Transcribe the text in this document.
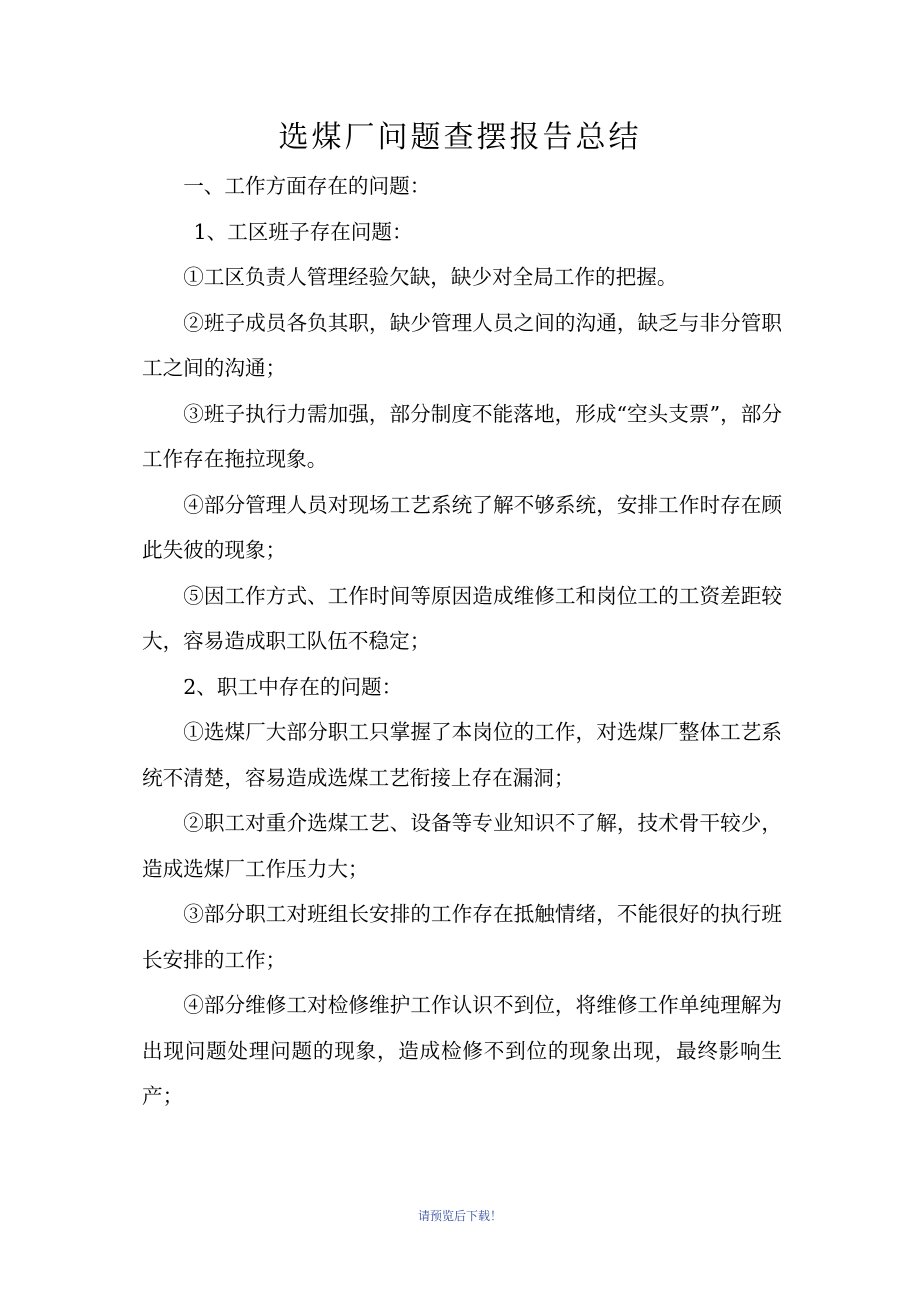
选煤厂问题查摆报告总结

一、工作方面存在的问题：

1、工区班子存在问题：

①工区负责人管理经验欠缺，缺少对全局工作的把握。

②班子成员各负其职，缺少管理人员之间的沟通，缺乏与非分管职工之间的沟通；

③班子执行力需加强，部分制度不能落地，形成“空头支票”，部分工作存在拖拉现象。

④部分管理人员对现场工艺系统了解不够系统，安排工作时存在顾此失彼的现象；

⑤因工作方式、工作时间等原因造成维修工和岗位工的工资差距较大，容易造成职工队伍不稳定；

2、职工中存在的问题：

①选煤厂大部分职工只掌握了本岗位的工作，对选煤厂整体工艺系统不清楚，容易造成选煤工艺衔接上存在漏洞；

②职工对重介选煤工艺、设备等专业知识不了解，技术骨干较少，造成选煤厂工作压力大；

③部分职工对班组长安排的工作存在抵触情绪，不能很好的执行班长安排的工作；

④部分维修工对检修维护工作认识不到位，将维修工作单纯理解为出现问题处理问题的现象，造成检修不到位的现象出现，最终影响生产；

请预览后下载！
